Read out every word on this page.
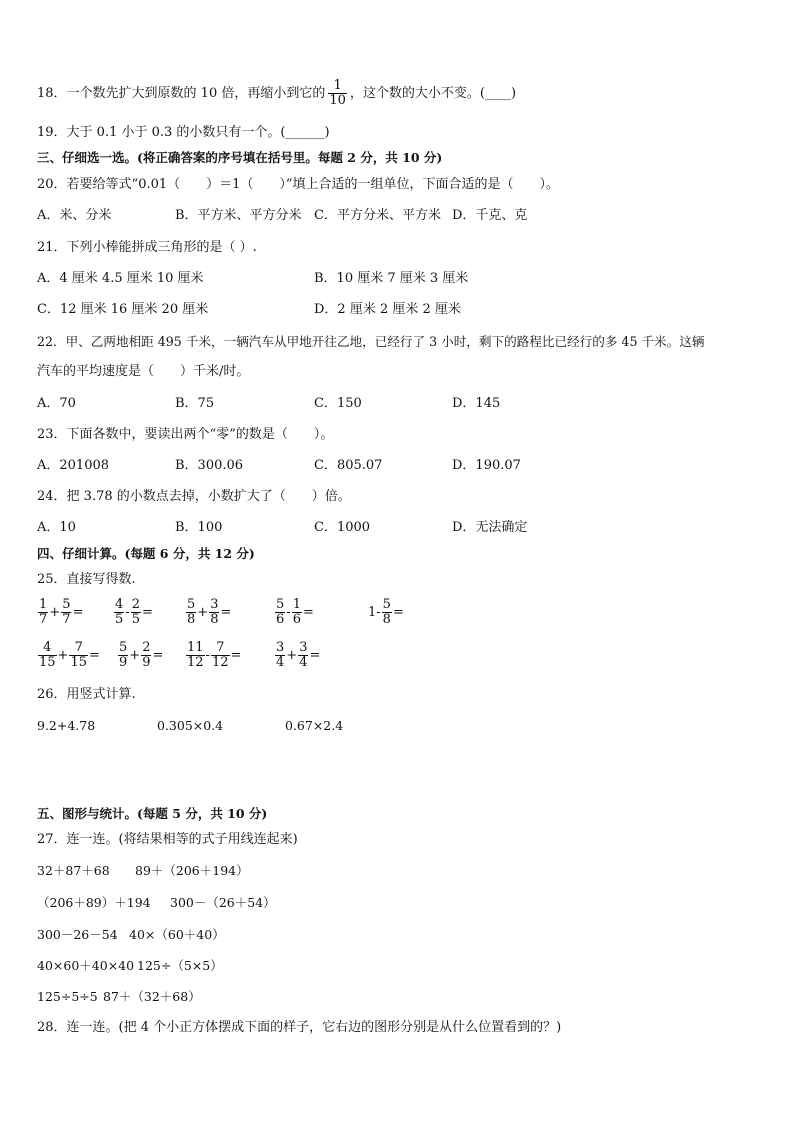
18．一个数先扩大到原数的 10 倍，再缩小到它的 $\frac{1}{10}$ ，这个数的大小不变。(____)
19．大于 0.1 小于 0.3 的小数只有一个。(______)
三、仔细选一选。(将正确答案的序号填在括号里。每题 2 分，共 10 分)
20．若要给等式“0.01（　　）＝1（　　）”填上合适的一组单位，下面合适的是（　　）。
A．米、分米	B．平方米、平方分米 C．平方分米、平方米 D．千克、克
21．下列小棒能拼成三角形的是（ ）.
A．4 厘米 4.5 厘米 10 厘米	B．10 厘米 7 厘米 3 厘米
C．12 厘米 16 厘米 20 厘米	D．2 厘米 2 厘米 2 厘米
22．甲、乙两地相距 495 千米，一辆汽车从甲地开往乙地，已经行了 3 小时，剩下的路程比已经行的多 45 千米。这辆
汽车的平均速度是（　　）千米/时。
A．70	B．75	C．150	D．145
23．下面各数中，要读出两个“零”的数是（　　）。
A．201008	B．300.06	C．805.07	D．190.07
24．把 3.78 的小数点去掉，小数扩大了（　　）倍。
A．10	B．100	C．1000	D．无法确定
四、仔细计算。(每题 6 分，共 12 分)
25．直接写得数.
$\frac{1}{7} + \frac{5}{7} = \frac{4}{5} - \frac{2}{5}$ =	$\frac{5}{8} + \frac{3}{8}$ =	$\frac{5}{6} - \frac{1}{6}$ =	$1- \frac{5}{8}$ =
$\frac{4}{15} + \frac{7}{15} = \frac{5}{9} + \frac{2}{9} = \frac{11}{12} - \frac{7}{12}$ =	$\frac{3}{4} + \frac{3}{4}$ =
26．用竖式计算.
9.2+4.78	0.305×0.4	0.67×2.4
五、图形与统计。(每题 5 分，共 10 分)
27．连一连。(将结果相等的式子用线连起来)
32＋87＋68 89＋（206＋194）
（206＋89）＋194 300－（26＋54）
300－26－54 40×（60＋40）
40×60＋40×40 125÷（5×5）
125÷5÷5 87＋（32＋68）
28．连一连。(把 4 个小正方体摆成下面的样子，它右边的图形分别是从什么位置看到的？)
